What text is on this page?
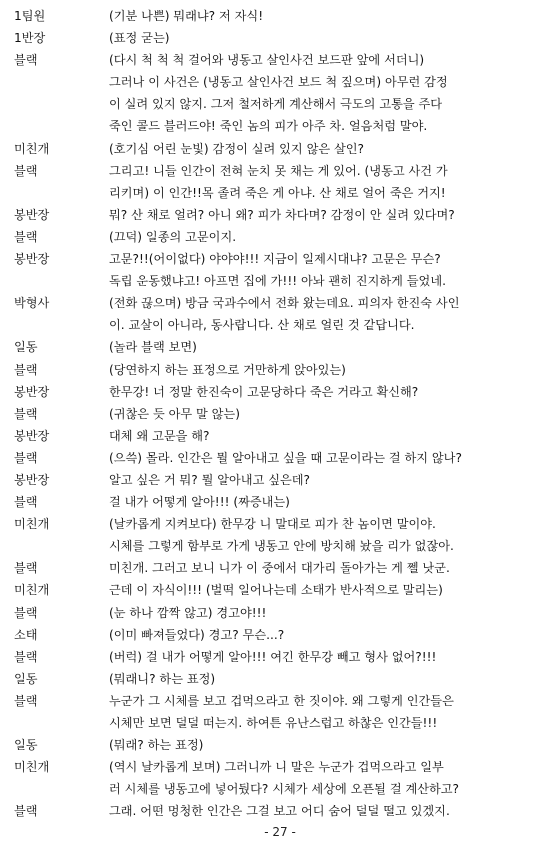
1팀원	(기분 나쁜) 뭐래냐? 저 자식!
1반장	(표정 굳는)
블랙	(다시 척 척 척 걸어와 냉동고 살인사건 보드판 앞에 서더니)
그러나 이 사건은 (냉동고 살인사건 보드 척 짚으며) 아무런 감정
이 실려 있지 않지. 그저 철저하게 계산해서 극도의 고통을 주다
죽인 콜드 블러드야! 죽인 놈의 피가 아주 차. 얼음처럼 말야.
미친개	(호기심 어린 눈빛) 감정이 실려 있지 않은 살인?
블랙	그리고! 니들 인간이 전혀 눈치 못 채는 게 있어. (냉동고 사건 가
리키며) 이 인간!!목 졸려 죽은 게 아냐. 산 채로 얼어 죽은 거지!
봉반장	뭐? 산 채로 얼려? 아니 왜? 피가 차다며? 감정이 안 실려 있다며?
블랙	(끄덕) 일종의 고문이지.
봉반장	고문?!!(어이없다) 야야야!!! 지금이 일제시대냐? 고문은 무슨?
독립 운동했냐고! 아프면 집에 가!!! 아놔 괜히 진지하게 들었네.
박형사	(전화 끊으며) 방금 국과수에서 전화 왔는데요. 피의자 한진숙 사인
이. 교살이 아니라, 동사랍니다. 산 채로 얼린 것 같답니다.
일동	(놀라 블랙 보면)
블랙	(당연하지 하는 표정으로 거만하게 앉아있는)
봉반장	한무강! 너 정말 한진숙이 고문당하다 죽은 거라고 확신해?
블랙	(귀찮은 듯 아무 말 않는)
봉반장	대체 왜 고문을 해?
블랙	(으쓱) 몰라. 인간은 뭘 알아내고 싶을 때 고문이라는 걸 하지 않나?
봉반장	알고 싶은 거 뭐? 뭘 알아내고 싶은데?
블랙	걸 내가 어떻게 알아!!! (짜증내는)
미친개	(날카롭게 지켜보다) 한무강 니 말대로 피가 찬 놈이면 말이야.
시체를 그렇게 함부로 가게 냉동고 안에 방치해 놨을 리가 없잖아.
블랙	미친개. 그러고 보니 니가 이 중에서 대가리 돌아가는 게 쩰 낫군.
미친개	근데 이 자식이!!! (벌떡 일어나는데 소태가 반사적으로 말리는)
블랙	(눈 하나 깜짝 않고) 경고야!!!
소태	(이미 빠져들었다) 경고? 무슨...?
블랙	(버럭) 걸 내가 어떻게 알아!!! 여긴 한무강 빼고 형사 없어?!!!
일동	(뭐래니? 하는 표정)
블랙	누군가 그 시체를 보고 겁먹으라고 한 짓이야. 왜 그렇게 인간들은
시체만 보면 덜덜 떠는지. 하여튼 유난스럽고 하찮은 인간들!!!
일동	(뭐래? 하는 표정)
미친개	(역시 날카롭게 보며) 그러니까 니 말은 누군가 겁먹으라고 일부
러 시체를 냉동고에 넣어뒀다? 시체가 세상에 오픈될 걸 계산하고?
블랙	그래. 어떤 멍청한 인간은 그걸 보고 어디 숨어 덜덜 떨고 있겠지.
- 27 -
